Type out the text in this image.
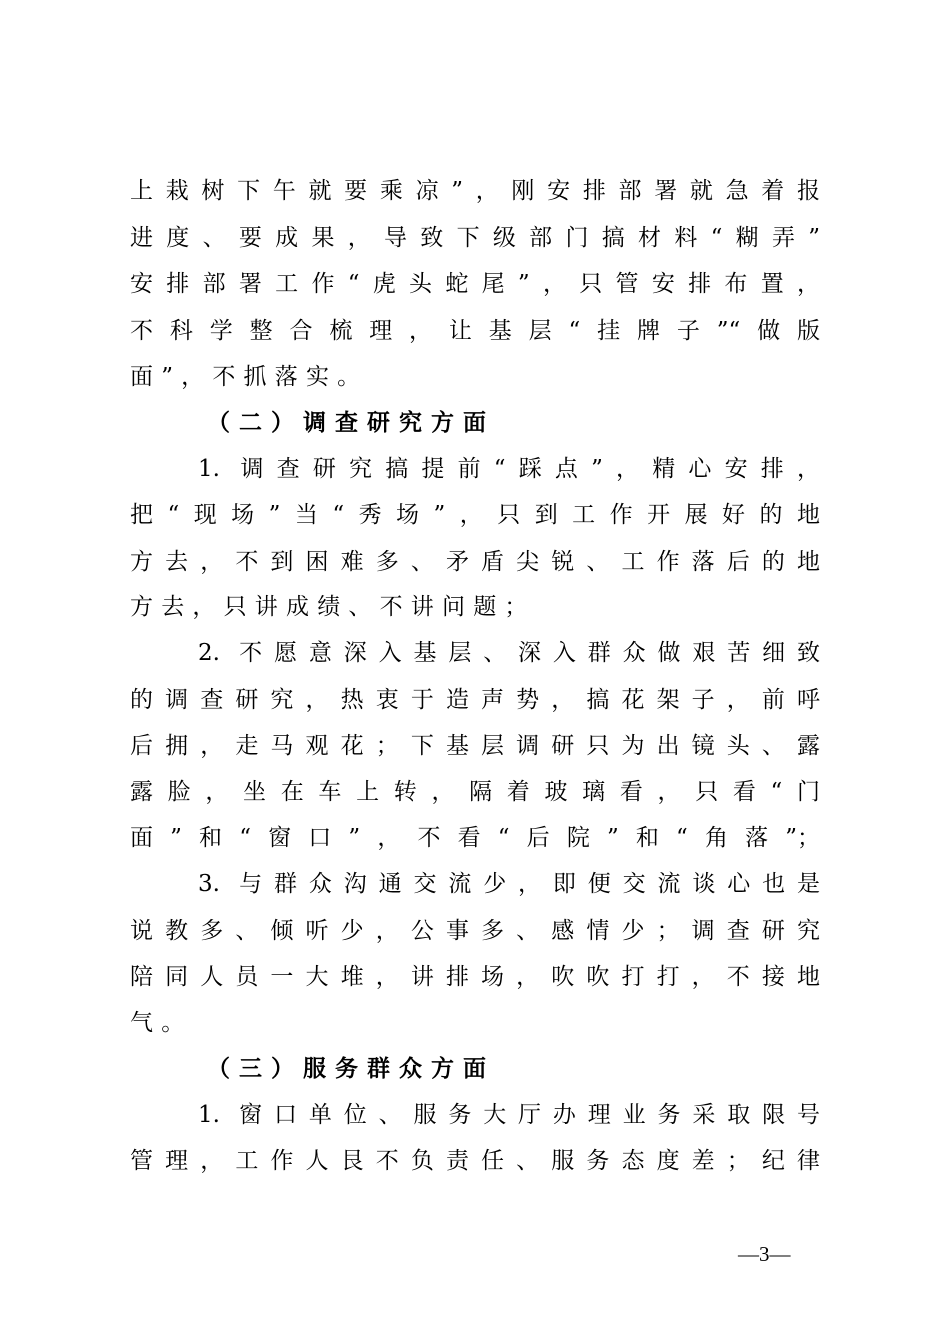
上栽树下午就要乘凉”，刚安排部署就急着报

进度、要成果，导致下级部门搞材料“糊弄”

安排部署工作“虎头蛇尾”，只管安排布置，

不科学整合梳理，让基层“挂牌子”“做版

面”，不抓落实。

（二）调查研究方面

1. 调查研究搞提前“踩点”，精心安排，

把“现场”当“秀场”，只到工作开展好的地

方去，不到困难多、矛盾尖锐、工作落后的地

方去，只讲成绩、不讲问题；

2. 不愿意深入基层、深入群众做艰苦细致

的调查研究，热衷于造声势，搞花架子，前呼

后拥，走马观花；下基层调研只为出镜头、露

露脸，坐在车上转，隔着玻璃看，只看“门

面”和“窗口”，不看“后院”和“角落”；

3. 与群众沟通交流少，即便交流谈心也是

说教多、倾听少，公事多、感情少；调查研究

陪同人员一大堆，讲排场，吹吹打打，不接地

气。

（三）服务群众方面

1. 窗口单位、服务大厅办理业务采取限号

管理，工作人艮不负责任、服务态度差；纪律

—3—
